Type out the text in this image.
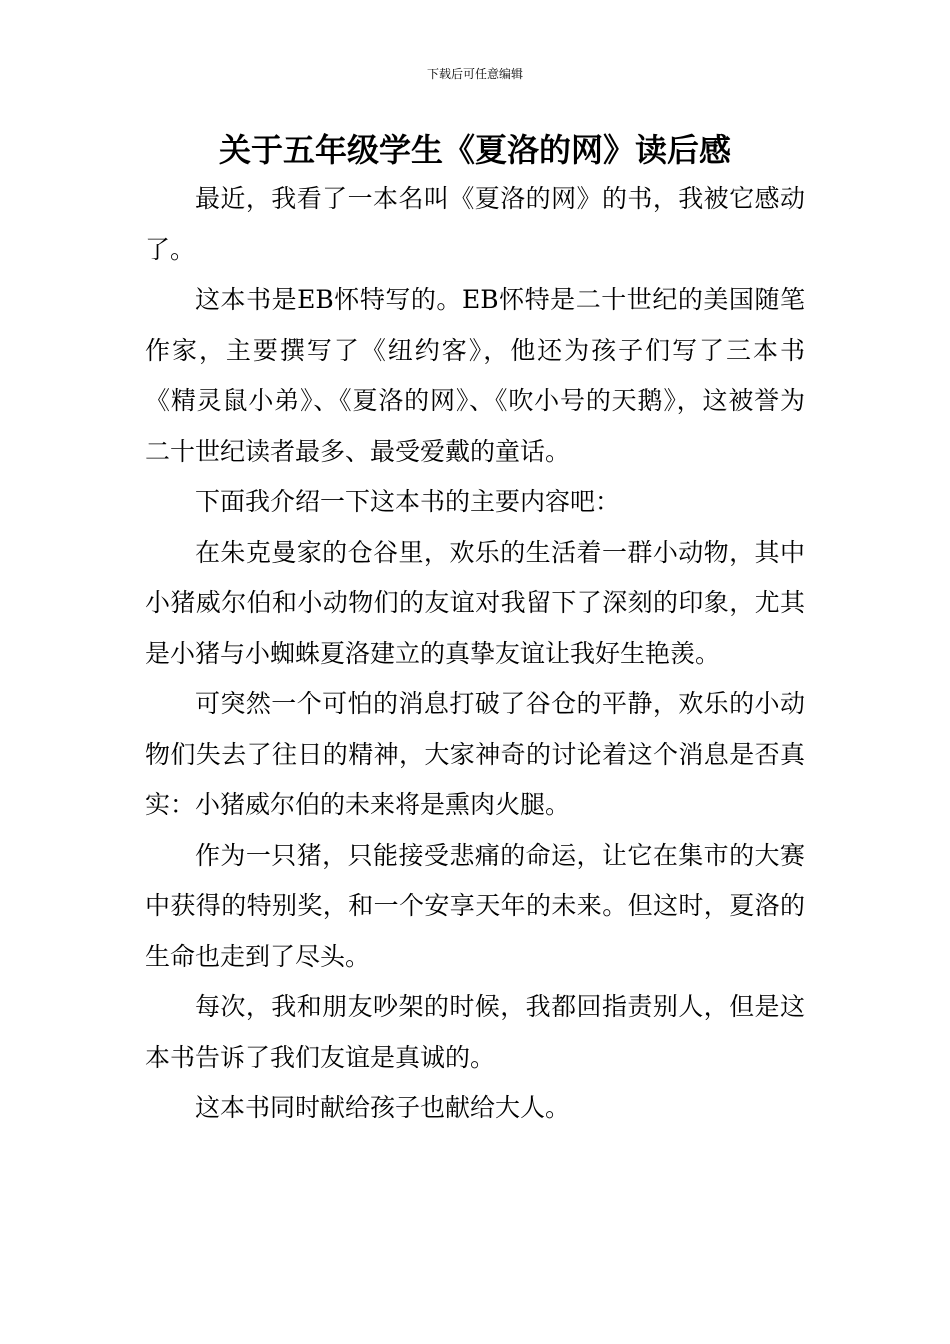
下载后可任意编辑
关于五年级学生《夏洛的网》读后感

最近，我看了一本名叫《夏洛的网》的书，我被它感动了。

这本书是EB怀特写的。EB怀特是二十世纪的美国随笔作家，主要撰写了《纽约客》，他还为孩子们写了三本书《精灵鼠小弟》、《夏洛的网》、《吹小号的天鹅》，这被誉为二十世纪读者最多、最受爱戴的童话。

下面我介绍一下这本书的主要内容吧：

在朱克曼家的仓谷里，欢乐的生活着一群小动物，其中小猪威尔伯和小动物们的友谊对我留下了深刻的印象，尤其是小猪与小蜘蛛夏洛建立的真挚友谊让我好生艳羡。

可突然一个可怕的消息打破了谷仓的平静，欢乐的小动物们失去了往日的精神，大家神奇的讨论着这个消息是否真实：小猪威尔伯的未来将是熏肉火腿。

作为一只猪，只能接受悲痛的命运，让它在集市的大赛中获得的特别奖，和一个安享天年的未来。但这时，夏洛的生命也走到了尽头。

每次，我和朋友吵架的时候，我都回指责别人，但是这本书告诉了我们友谊是真诚的。

这本书同时献给孩子也献给大人。
